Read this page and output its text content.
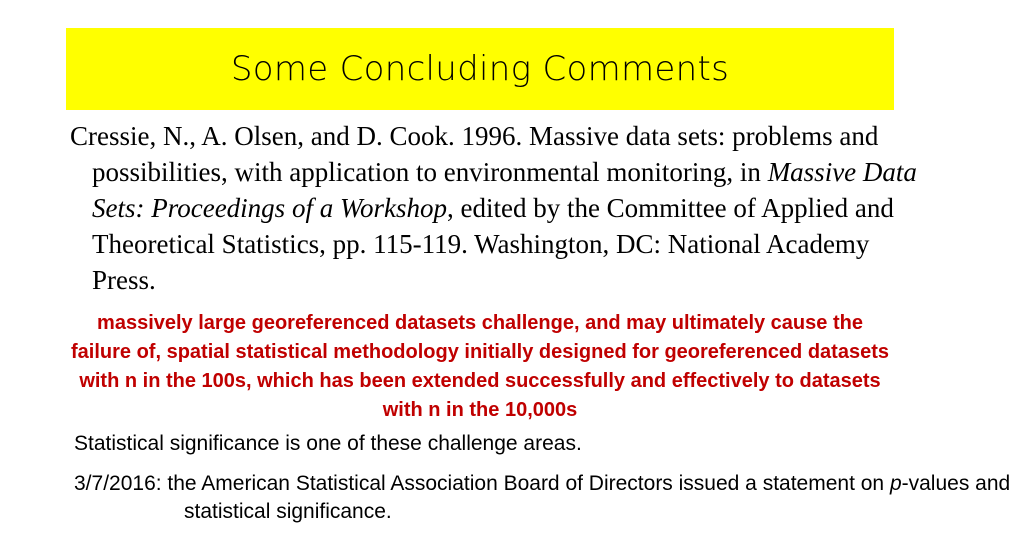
Some Concluding Comments
Cressie, N., A. Olsen, and D. Cook. 1996. Massive data sets: problems and possibilities, with application to environmental monitoring, in Massive Data Sets: Proceedings of a Workshop, edited by the Committee of Applied and Theoretical Statistics, pp. 115-119. Washington, DC: National Academy Press.
massively large georeferenced datasets challenge, and may ultimately cause the failure of, spatial statistical methodology initially designed for georeferenced datasets with n in the 100s, which has been extended successfully and effectively to datasets with n in the 10,000s
Statistical significance is one of these challenge areas.
3/7/2016: the American Statistical Association Board of Directors issued a statement on p-values and statistical significance.
